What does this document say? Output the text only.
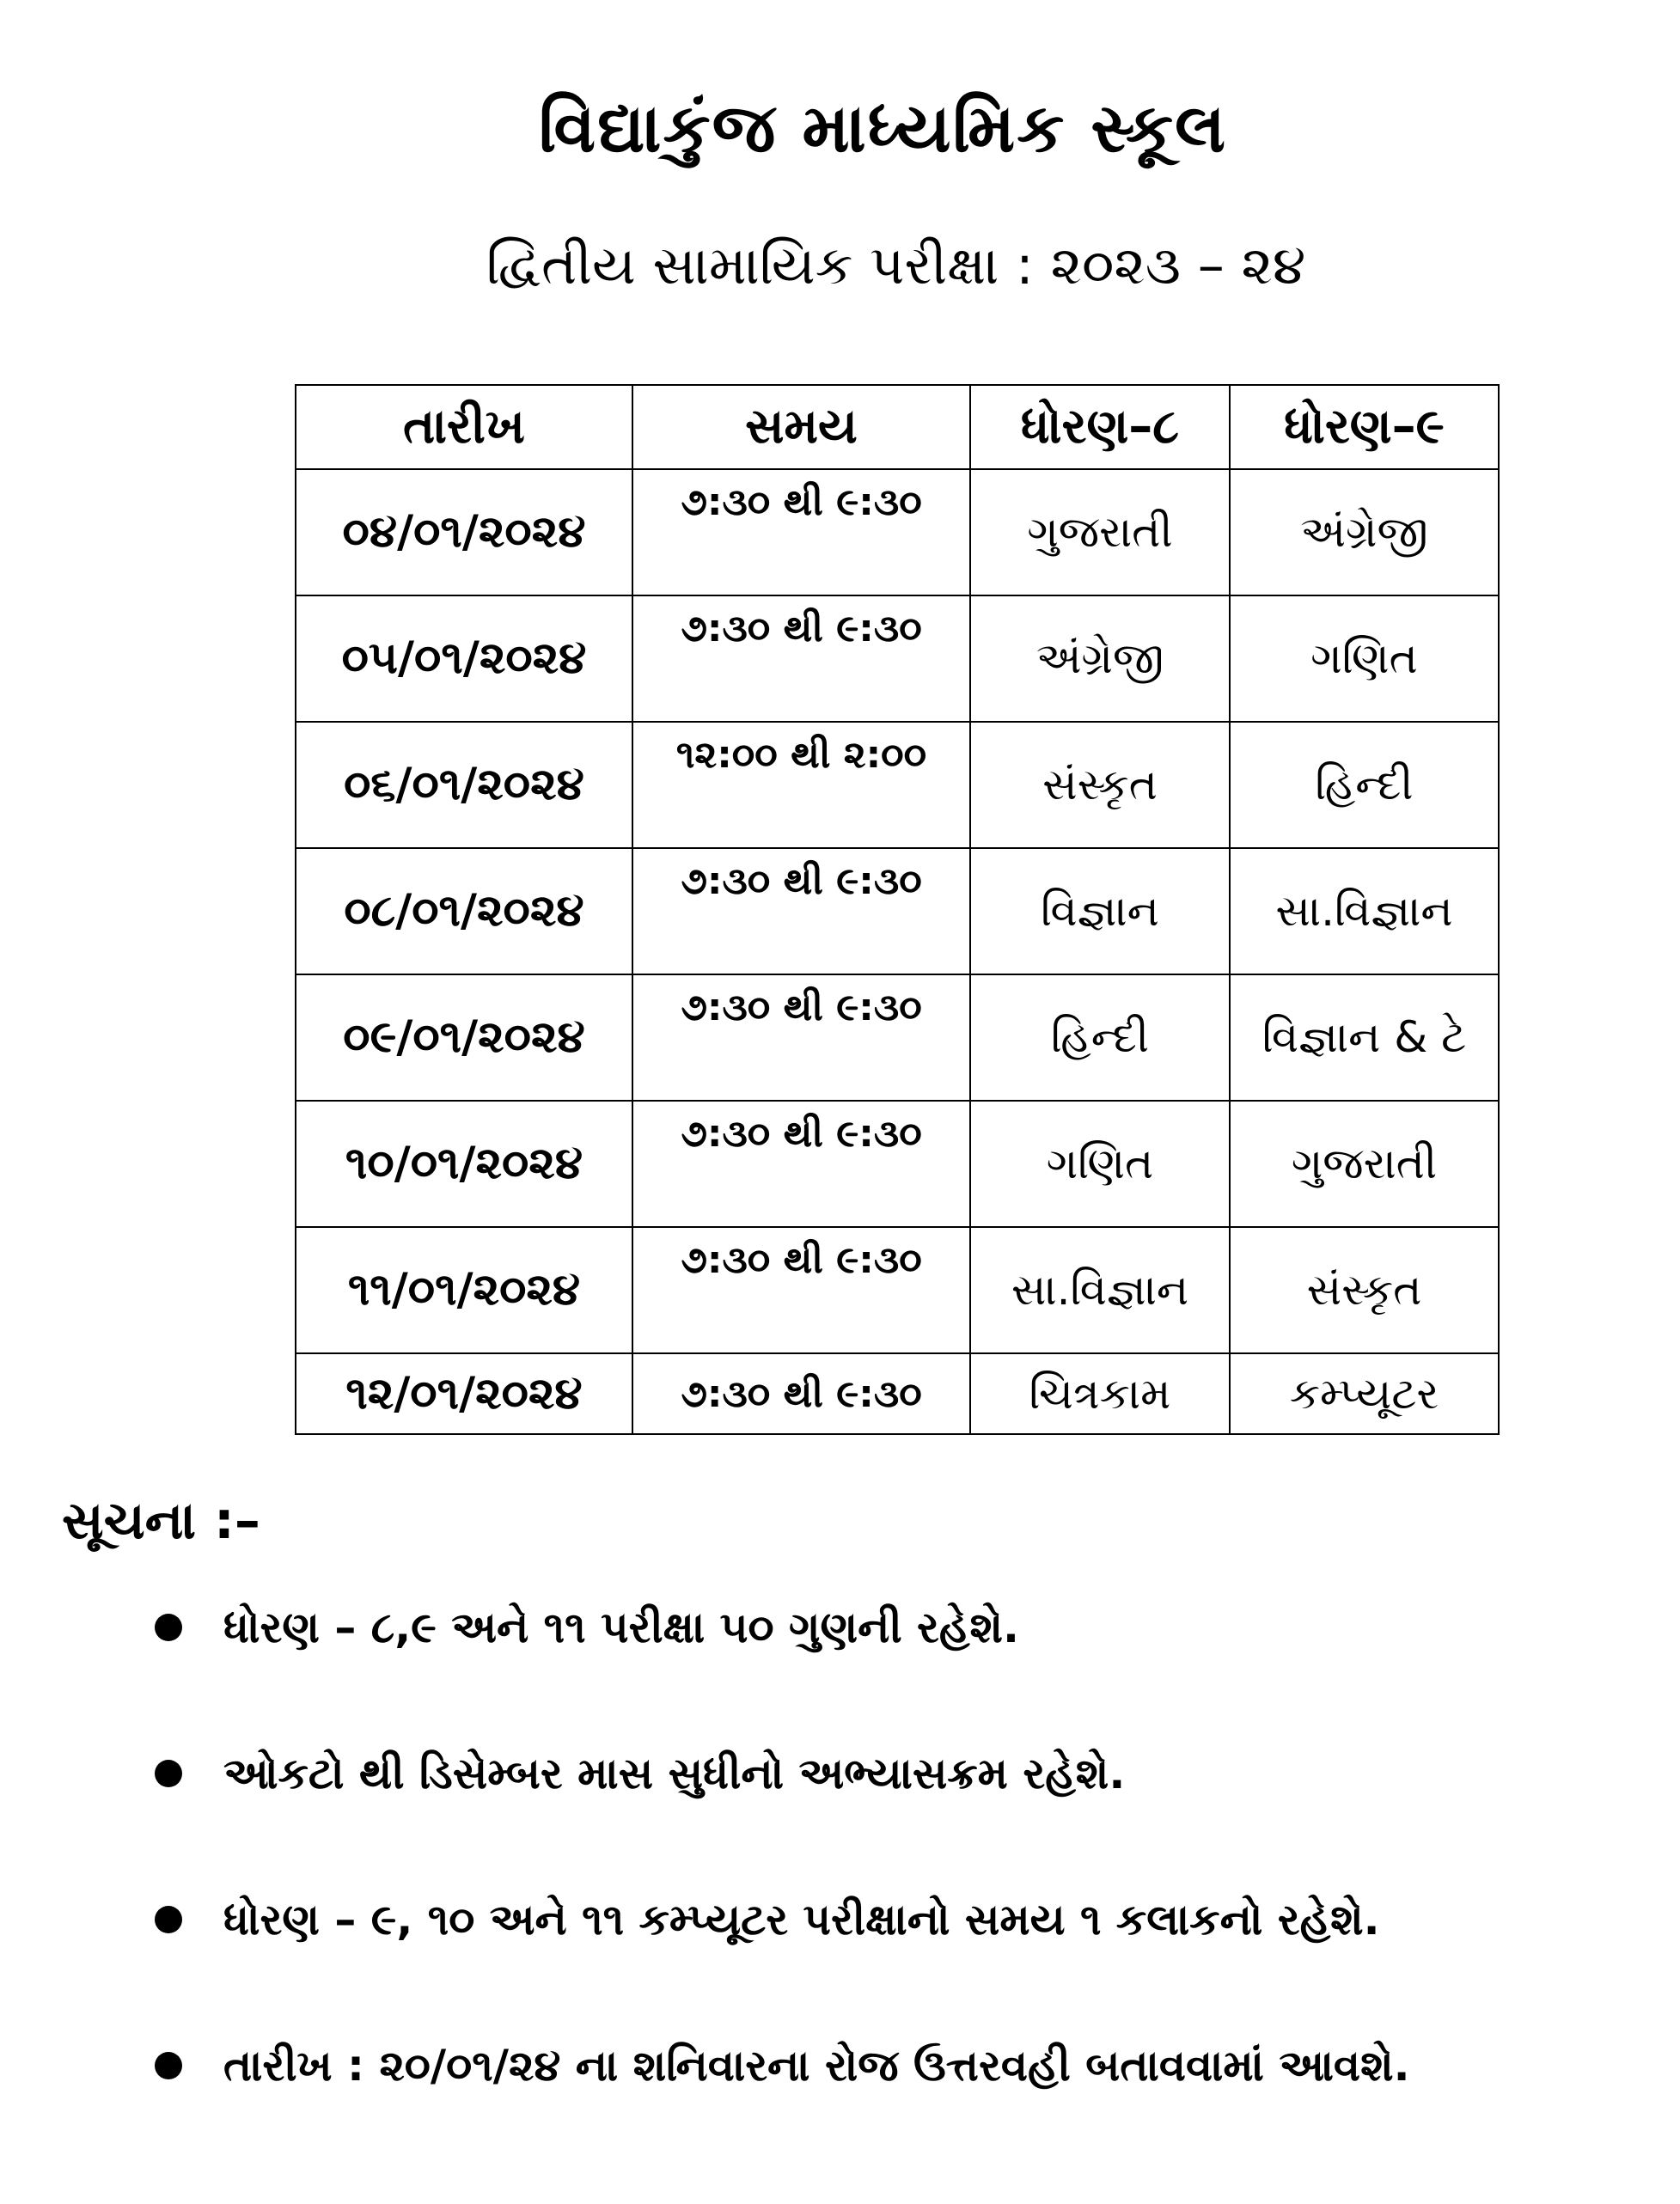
વિદ્યાકુંજ માધ્યમિક સ્કૂલ
દ્વિતીય સામાયિક પરીક્ષા : ૨૦૨૩ – ૨૪
તારીખ	સમય	ધોરણ–૮	ધોરણ–૯
૦૪/૦૧/૨૦૨૪	૭:૩૦ થી ૯:૩૦	ગુજરાતી	અંગ્રેજી
૦૫/૦૧/૨૦૨૪	૭:૩૦ થી ૯:૩૦	અંગ્રેજી	ગણિત
૦૬/૦૧/૨૦૨૪	૧૨:૦૦ થી ૨:૦૦	સંસ્કૃત	હિન્દી
૦૮/૦૧/૨૦૨૪	૭:૩૦ થી ૯:૩૦	વિજ્ઞાન	સા.વિજ્ઞાન
૦૯/૦૧/૨૦૨૪	૭:૩૦ થી ૯:૩૦	હિન્દી	વિજ્ઞાન & ટે
૧૦/૦૧/૨૦૨૪	૭:૩૦ થી ૯:૩૦	ગણિત	ગુજરાતી
૧૧/૦૧/૨૦૨૪	૭:૩૦ થી ૯:૩૦	સા.વિજ્ઞાન	સંસ્કૃત
૧૨/૦૧/૨૦૨૪	૭:૩૦ થી ૯:૩૦	ચિત્રકામ	કમ્પ્યૂટર
સૂચના :–
ધોરણ – ૮,૯ અને ૧૧ પરીક્ષા ૫૦ ગુણની રહેશે.
ઓકટો થી ડિસેમ્બર માસ સુધીનો અભ્યાસક્રમ રહેશે.
ધોરણ – ૯, ૧૦ અને ૧૧ કમ્પ્યૂટર પરીક્ષાનો સમય ૧ કલાકનો રહેશે.
તારીખ : ૨૦/૦૧/૨૪ ના શનિવારના રોજ ઉત્તરવહી બતાવવામાં આવશે.
